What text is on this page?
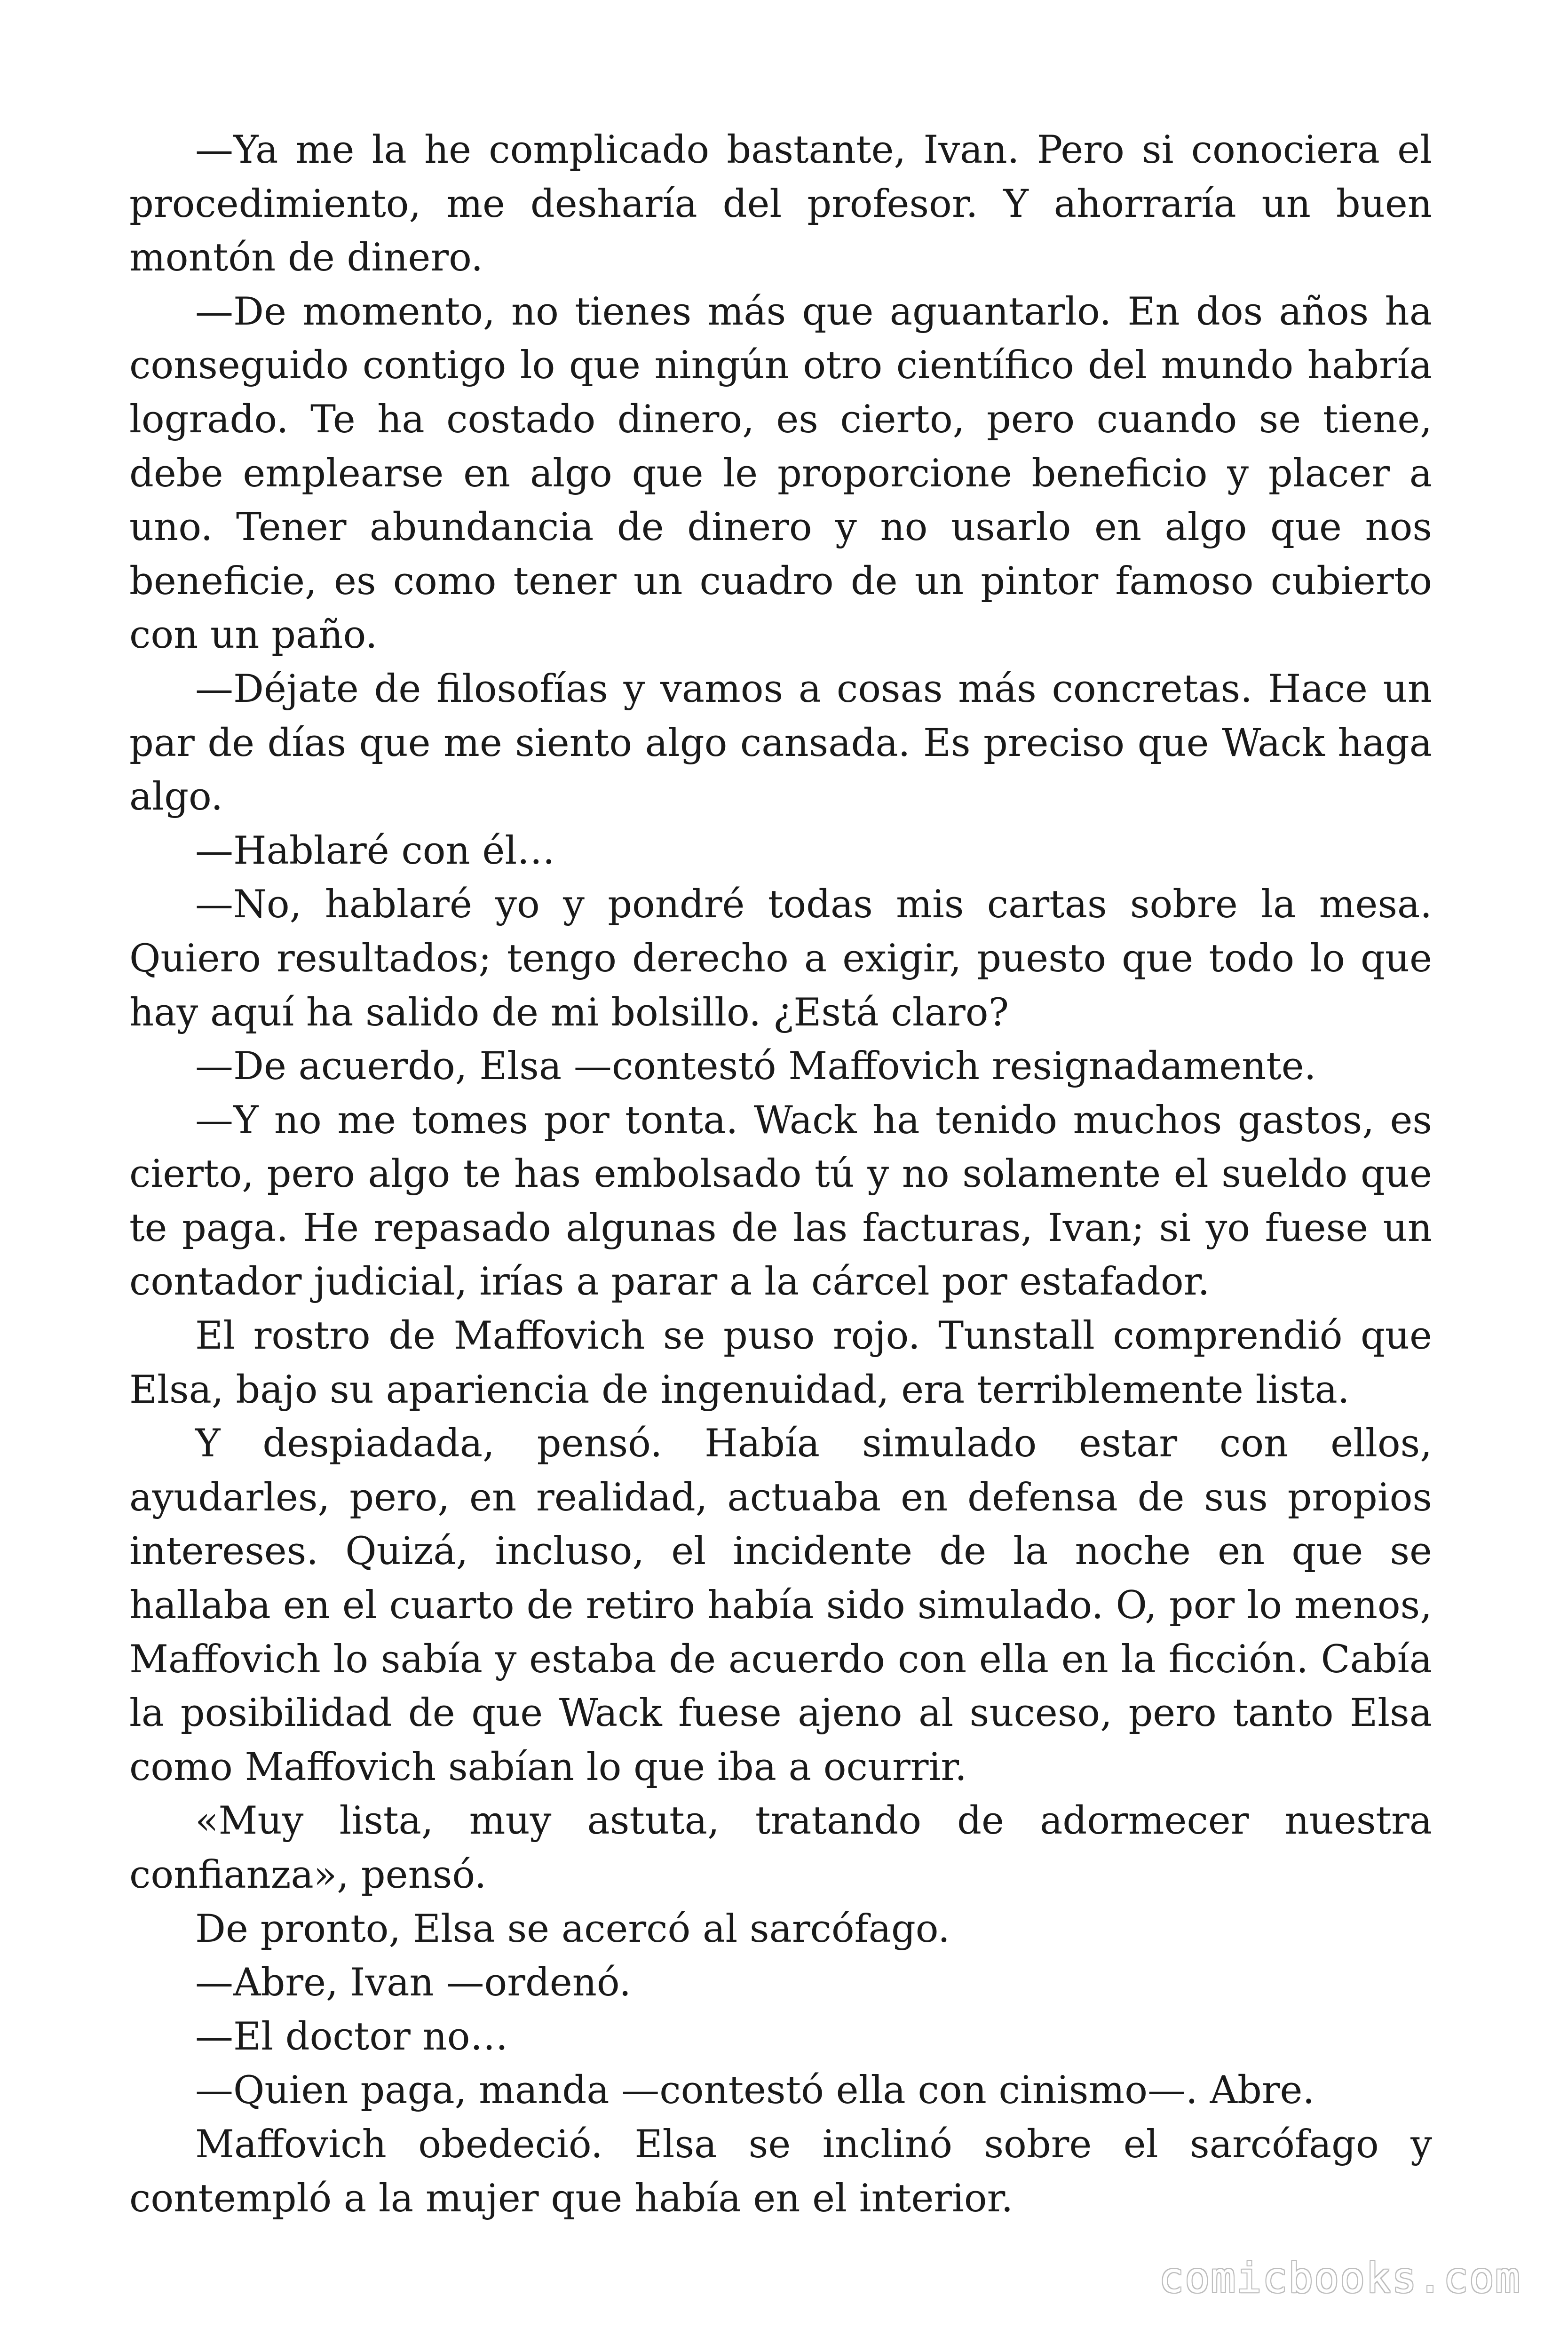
—Ya me la he complicado bastante, Ivan. Pero si conociera el procedimiento, me desharía del profesor. Y ahorraría un buen montón de dinero.

—De momento, no tienes más que aguantarlo. En dos años ha conseguido contigo lo que ningún otro científico del mundo habría logrado. Te ha costado dinero, es cierto, pero cuando se tiene, debe emplearse en algo que le proporcione beneficio y placer a uno. Tener abundancia de dinero y no usarlo en algo que nos beneficie, es como tener un cuadro de un pintor famoso cubierto con un paño.

—Déjate de filosofías y vamos a cosas más concretas. Hace un par de días que me siento algo cansada. Es preciso que Wack haga algo.

—Hablaré con él…

—No, hablaré yo y pondré todas mis cartas sobre la mesa. Quiero resultados; tengo derecho a exigir, puesto que todo lo que hay aquí ha salido de mi bolsillo. ¿Está claro?

—De acuerdo, Elsa —contestó Maffovich resignadamente.

—Y no me tomes por tonta. Wack ha tenido muchos gastos, es cierto, pero algo te has embolsado tú y no solamente el sueldo que te paga. He repasado algunas de las facturas, Ivan; si yo fuese un contador judicial, irías a parar a la cárcel por estafador.

El rostro de Maffovich se puso rojo. Tunstall comprendió que Elsa, bajo su apariencia de ingenuidad, era terriblemente lista.

Y despiadada, pensó. Había simulado estar con ellos, ayudarles, pero, en realidad, actuaba en defensa de sus propios intereses. Quizá, incluso, el incidente de la noche en que se hallaba en el cuarto de retiro había sido simulado. O, por lo menos, Maffovich lo sabía y estaba de acuerdo con ella en la ficción. Cabía la posibilidad de que Wack fuese ajeno al suceso, pero tanto Elsa como Maffovich sabían lo que iba a ocurrir.

«Muy lista, muy astuta, tratando de adormecer nuestra confianza», pensó.

De pronto, Elsa se acercó al sarcófago.

—Abre, Ivan —ordenó.

—El doctor no…

—Quien paga, manda —contestó ella con cinismo—. Abre.

Maffovich obedeció. Elsa se inclinó sobre el sarcófago y contempló a la mujer que había en el interior.

comicbooks.com
